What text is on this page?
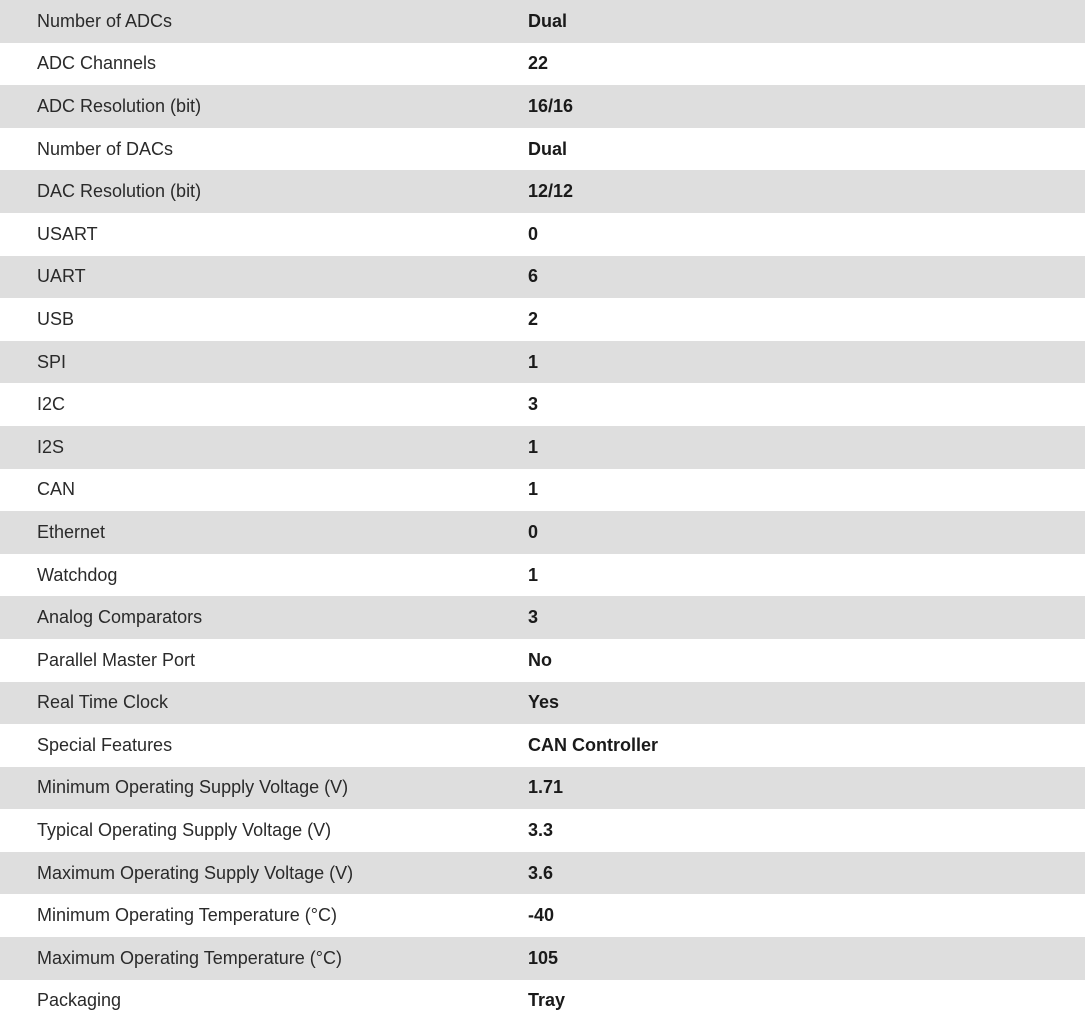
Number of ADCs	Dual
ADC Channels	22
ADC Resolution (bit)	16/16
Number of DACs	Dual
DAC Resolution (bit)	12/12
USART	0
UART	6
USB	2
SPI	1
I2C	3
I2S	1
CAN	1
Ethernet	0
Watchdog	1
Analog Comparators	3
Parallel Master Port	No
Real Time Clock	Yes
Special Features	CAN Controller
Minimum Operating Supply Voltage (V)	1.71
Typical Operating Supply Voltage (V)	3.3
Maximum Operating Supply Voltage (V)	3.6
Minimum Operating Temperature (°C)	-40
Maximum Operating Temperature (°C)	105
Packaging	Tray
